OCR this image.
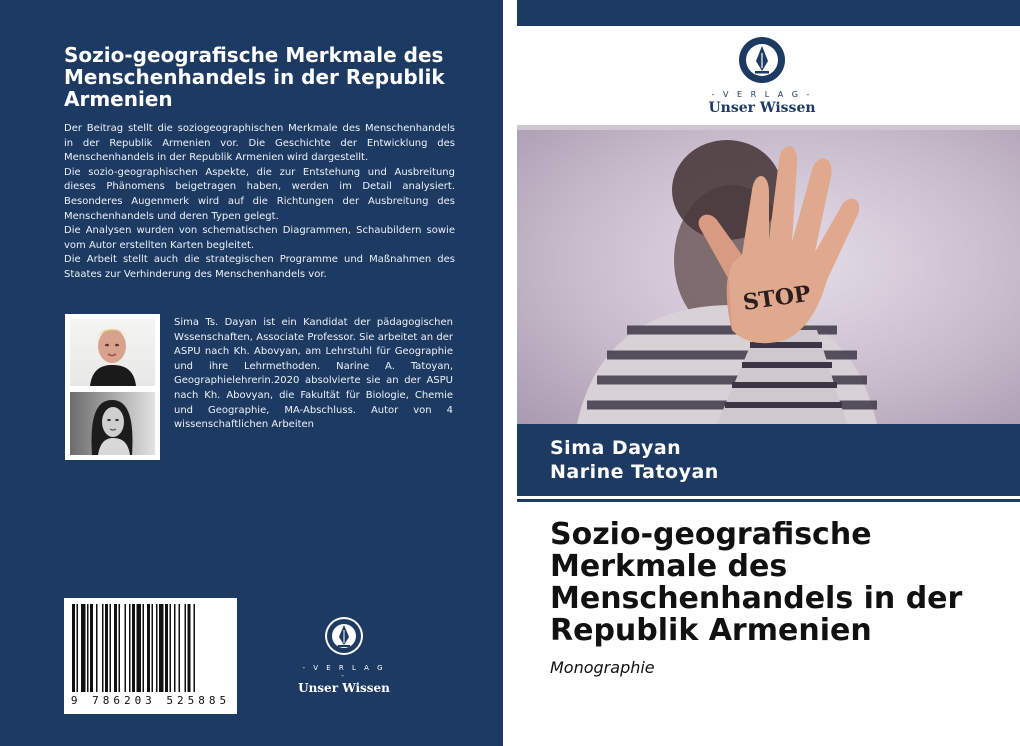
Sozio-geografische Merkmale des Menschenhandels in der Republik Armenien

Der Beitrag stellt die soziogeographischen Merkmale des Menschenhandels in der Republik Armenien vor. Die Geschichte der Entwicklung des Menschenhandels in der Republik Armenien wird dargestellt.

Die sozio-geographischen Aspekte, die zur Entstehung und Ausbreitung dieses Phänomens beigetragen haben, werden im Detail analysiert. Besonderes Augenmerk wird auf die Richtungen der Ausbreitung des Menschenhandels und deren Typen gelegt.

Die Analysen wurden von schematischen Diagrammen, Schaubildern sowie vom Autor erstellten Karten begleitet.

Die Arbeit stellt auch die strategischen Programme und Maßnahmen des Staates zur Verhinderung des Menschenhandels vor.

Sima Ts. Dayan ist ein Kandidat der pädagogischen Wssenschaften, Associate Professor. Sie arbeitet an der ASPU nach Kh. Abovyan, am Lehrstuhl für Geographie und ihre Lehrmethoden. Narine A. Tatoyan, Geographielehrerin.2020 absolvierte sie an der ASPU nach Kh. Abovyan, die Fakultät für Biologie, Chemie und Geographie, MA-Abschluss. Autor von 4 wissenschaftlichen Arbeiten
9 786203 525885
- V E R L A G -
Unser Wissen
- V E R L A G -
Unser Wissen
STOP
Sima Dayan
Narine Tatoyan
Sozio-geografische Merkmale des Menschenhandels in der Republik Armenien
Monographie
